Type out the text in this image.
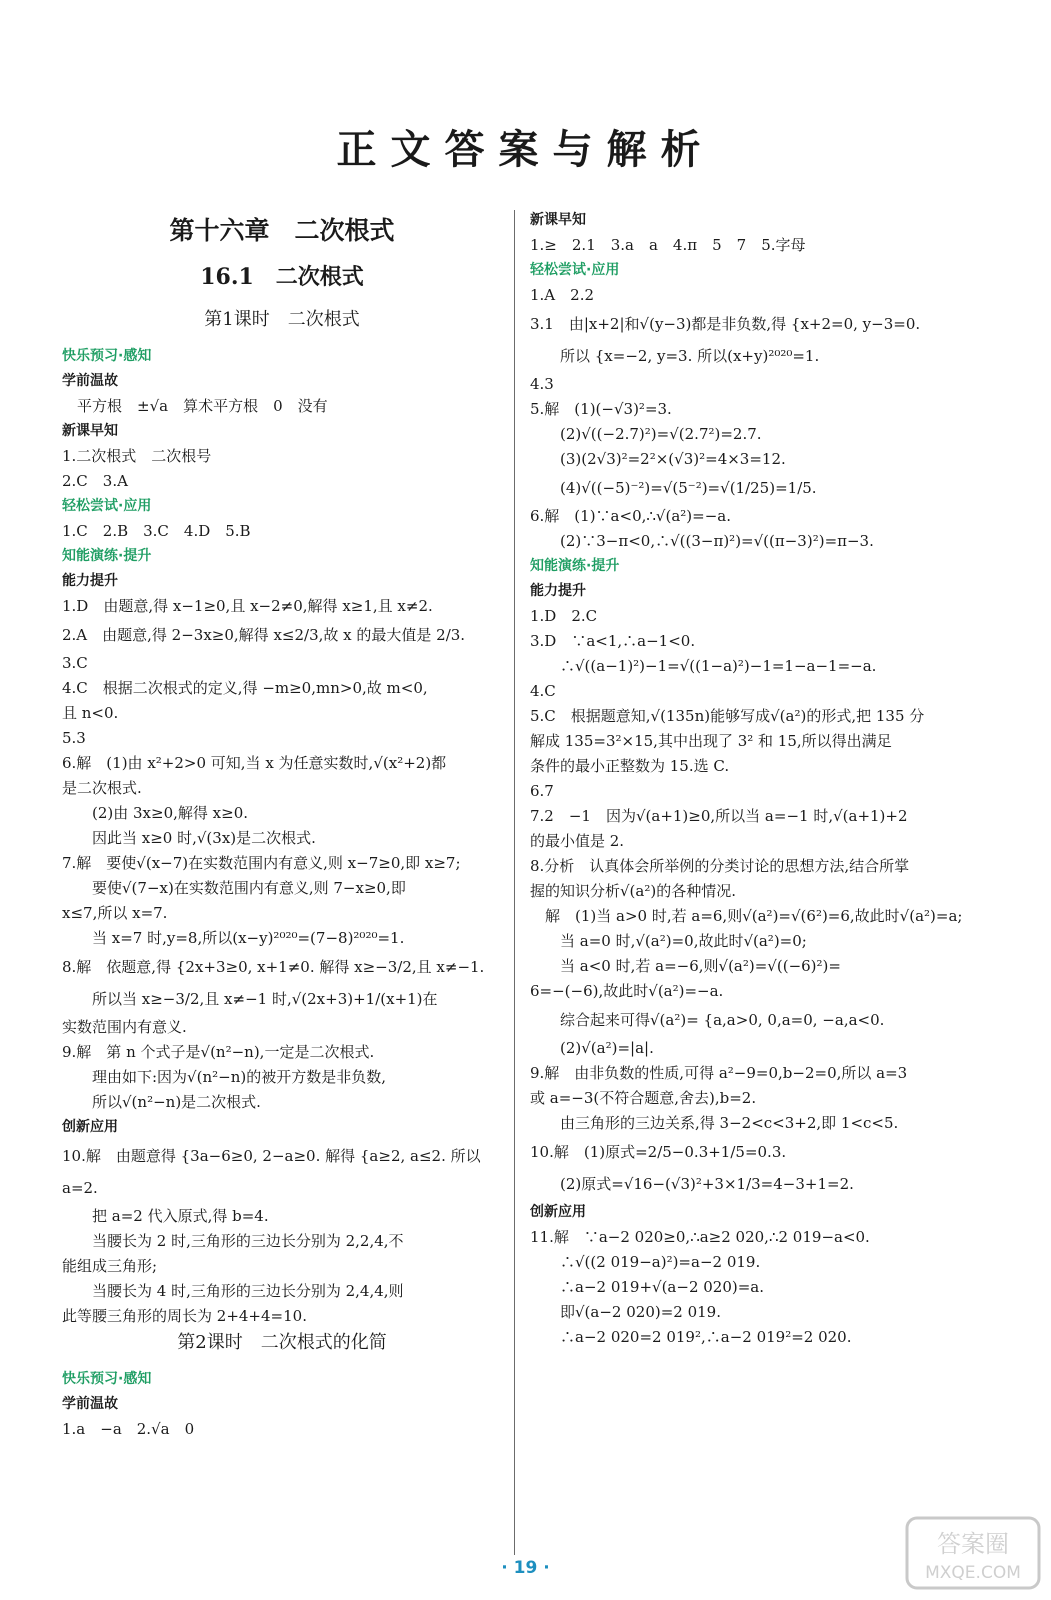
正文答案与解析
第十六章　二次根式
16.1　二次根式
第1课时　二次根式
快乐预习·感知
学前温故
　平方根　±√a　算术平方根　0　没有
新课早知
1.二次根式　二次根号
2.C　3.A
轻松尝试·应用
1.C　2.B　3.C　4.D　5.B
知能演练·提升
能力提升
1.D　由题意,得 x−1≥0,且 x−2≠0,解得 x≥1,且 x≠2.
2.A　由题意,得 2−3x≥0,解得 x≤2/3,故 x 的最大值是 2/3.
3.C
4.C　根据二次根式的定义,得 −m≥0,mn>0,故 m<0,
且 n<0.
5.3
6.解　(1)由 x²+2>0 可知,当 x 为任意实数时,√(x²+2)都
是二次根式.
　　(2)由 3x≥0,解得 x≥0.
　　因此当 x≥0 时,√(3x)是二次根式.
7.解　要使√(x−7)在实数范围内有意义,则 x−7≥0,即 x≥7;
　　要使√(7−x)在实数范围内有意义,则 7−x≥0,即
x≤7,所以 x=7.
　　当 x=7 时,y=8,所以(x−y)²⁰²⁰=(7−8)²⁰²⁰=1.
8.解　依题意,得 {2x+3≥0, x+1≠0. 解得 x≥−3/2,且 x≠−1.
　　所以当 x≥−3/2,且 x≠−1 时,√(2x+3)+1/(x+1)在
实数范围内有意义.
9.解　第 n 个式子是√(n²−n),一定是二次根式.
　　理由如下:因为√(n²−n)的被开方数是非负数,
　　所以√(n²−n)是二次根式.
创新应用
10.解　由题意得 {3a−6≥0, 2−a≥0. 解得 {a≥2, a≤2. 所以 a=2.
　　把 a=2 代入原式,得 b=4.
　　当腰长为 2 时,三角形的三边长分别为 2,2,4,不
能组成三角形;
　　当腰长为 4 时,三角形的三边长分别为 2,4,4,则
此等腰三角形的周长为 2+4+4=10.
第2课时　二次根式的化简
快乐预习·感知
学前温故
1.a　−a　2.√a　0
新课早知
1.≥　2.1　3.a　a　4.π　5　7　5.字母
轻松尝试·应用
1.A　2.2
3.1　由|x+2|和√(y−3)都是非负数,得 {x+2=0, y−3=0.
　　所以 {x=−2, y=3. 所以(x+y)²⁰²⁰=1.
4.3
5.解　(1)(−√3)²=3.
　　(2)√((−2.7)²)=√(2.7²)=2.7.
　　(3)(2√3)²=2²×(√3)²=4×3=12.
　　(4)√((−5)⁻²)=√(5⁻²)=√(1/25)=1/5.
6.解　(1)∵a<0,∴√(a²)=−a.
　　(2)∵3−π<0,∴√((3−π)²)=√((π−3)²)=π−3.
知能演练·提升
能力提升
1.D　2.C
3.D　∵a<1,∴a−1<0.
　　∴√((a−1)²)−1=√((1−a)²)−1=1−a−1=−a.
4.C
5.C　根据题意知,√(135n)能够写成√(a²)的形式,把 135 分
解成 135=3²×15,其中出现了 3² 和 15,所以得出满足
条件的最小正整数为 15.选 C.
6.7
7.2　−1　因为√(a+1)≥0,所以当 a=−1 时,√(a+1)+2
的最小值是 2.
8.分析　认真体会所举例的分类讨论的思想方法,结合所掌
握的知识分析√(a²)的各种情况.
　解　(1)当 a>0 时,若 a=6,则√(a²)=√(6²)=6,故此时√(a²)=a;
　　当 a=0 时,√(a²)=0,故此时√(a²)=0;
　　当 a<0 时,若 a=−6,则√(a²)=√((−6)²)=
6=−(−6),故此时√(a²)=−a.
　　综合起来可得√(a²)= {a,a>0, 0,a=0, −a,a<0.
　　(2)√(a²)=|a|.
9.解　由非负数的性质,可得 a²−9=0,b−2=0,所以 a=3
或 a=−3(不符合题意,舍去),b=2.
　　由三角形的三边关系,得 3−2<c<3+2,即 1<c<5.
10.解　(1)原式=2/5−0.3+1/5=0.3.
　　(2)原式=√16−(√3)²+3×1/3=4−3+1=2.
创新应用
11.解　∵a−2 020≥0,∴a≥2 020,∴2 019−a<0.
　　∴√((2 019−a)²)=a−2 019.
　　∴a−2 019+√(a−2 020)=a.
　　即√(a−2 020)=2 019.
　　∴a−2 020=2 019²,∴a−2 019²=2 020.
· 19 ·
答案圈
MXQE.COM
